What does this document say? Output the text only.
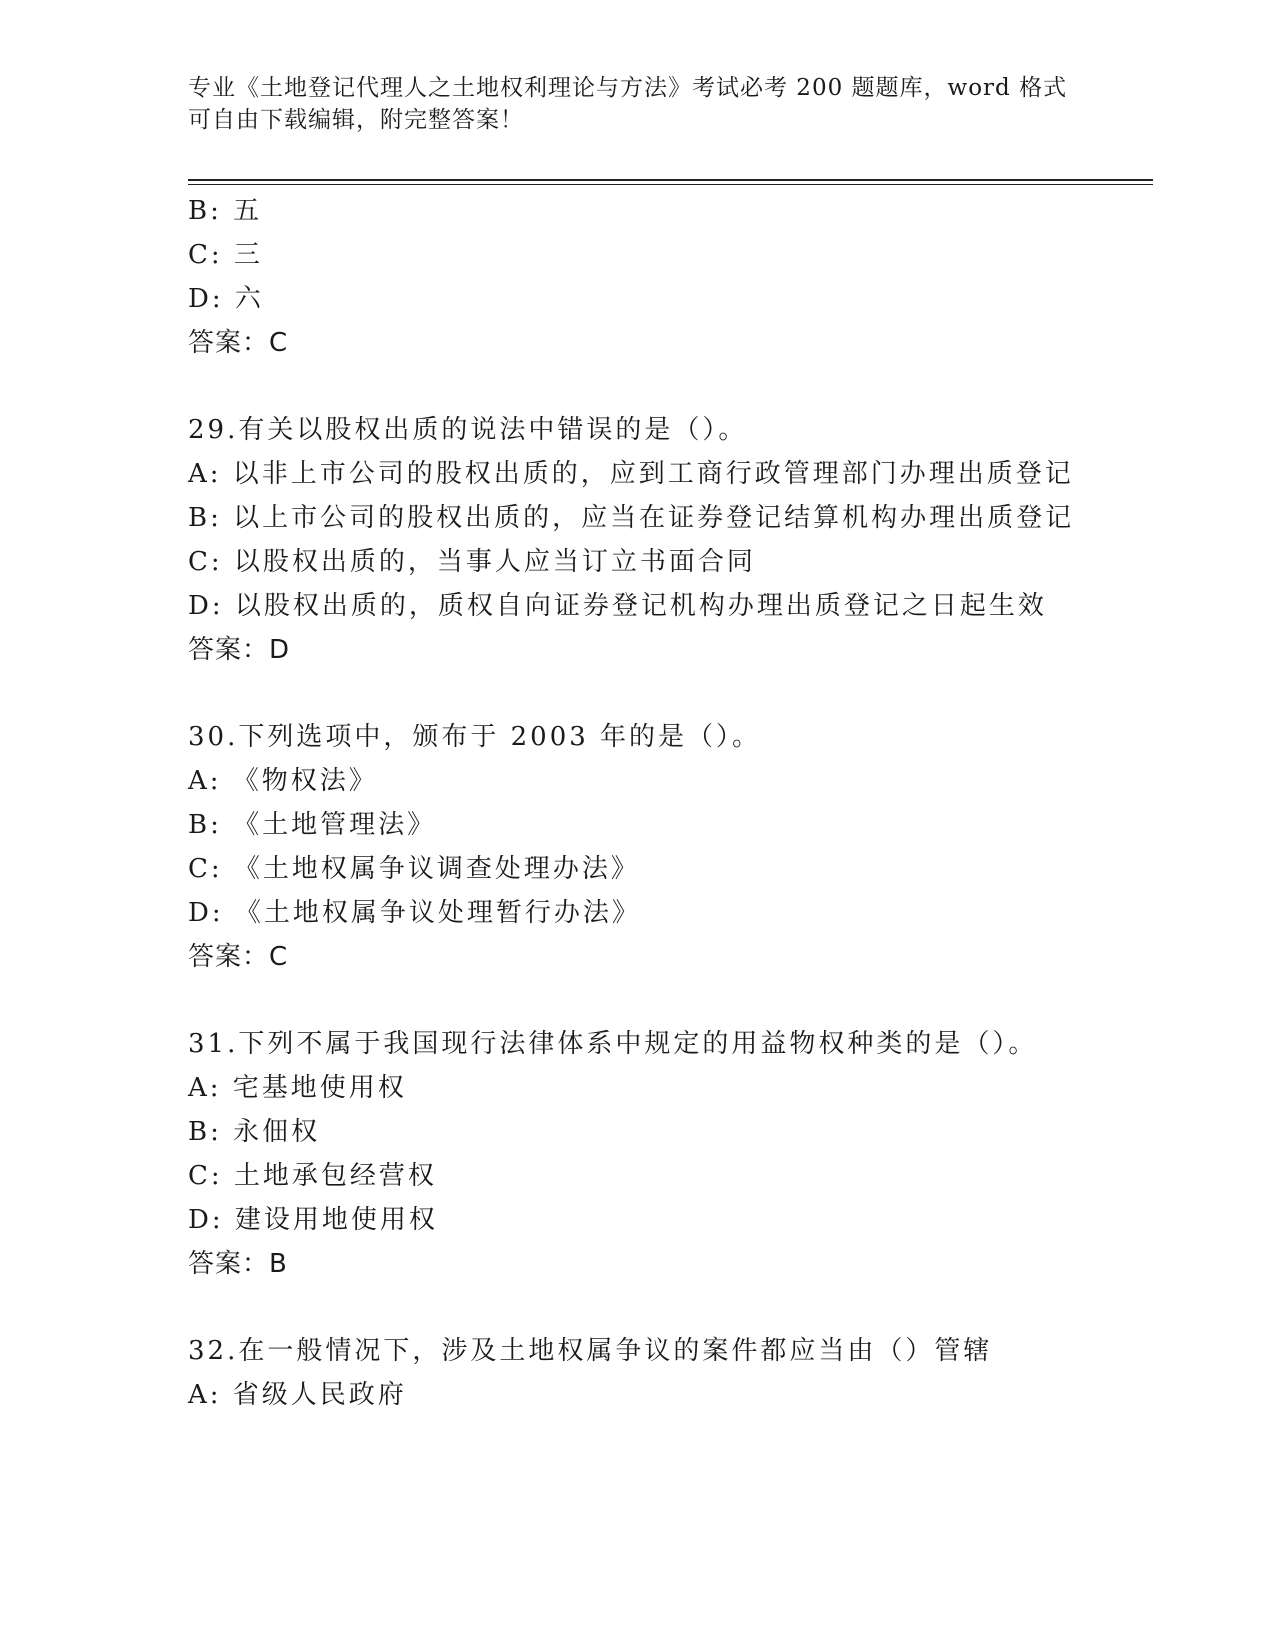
专业《土地登记代理人之土地权利理论与方法》考试必考 200 题题库，word 格式
可自由下载编辑，附完整答案！
B: 五
C: 三
D: 六
答案：C
29.有关以股权出质的说法中错误的是（）。
A: 以非上市公司的股权出质的，应到工商行政管理部门办理出质登记
B: 以上市公司的股权出质的，应当在证券登记结算机构办理出质登记
C: 以股权出质的，当事人应当订立书面合同
D: 以股权出质的，质权自向证券登记机构办理出质登记之日起生效
答案：D
30.下列选项中，颁布于 2003 年的是（）。
A: 《物权法》
B: 《土地管理法》
C: 《土地权属争议调查处理办法》
D: 《土地权属争议处理暂行办法》
答案：C
31.下列不属于我国现行法律体系中规定的用益物权种类的是（）。
A: 宅基地使用权
B: 永佃权
C: 土地承包经营权
D: 建设用地使用权
答案：B
32.在一般情况下，涉及土地权属争议的案件都应当由（）管辖
A: 省级人民政府
